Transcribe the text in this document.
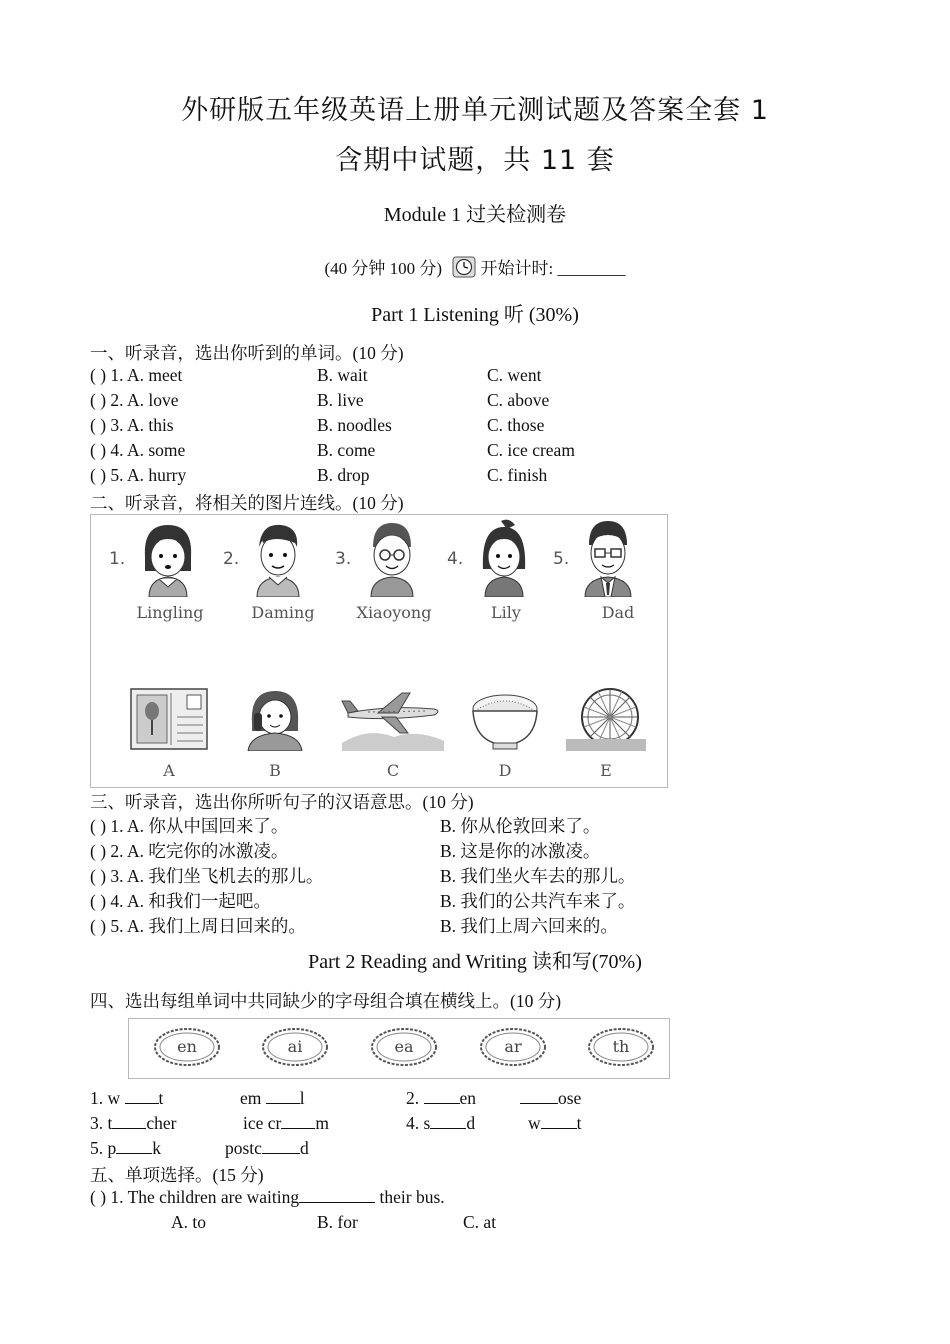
外研版五年级英语上册单元测试题及答案全套 1
含期中试题，共 11 套
Module 1 过关检测卷
(40 分钟 100 分) 开始计时: ________
Part 1 Listening 听 (30%)
一、听录音，选出你听到的单词。(10 分)
( ) 1. A. meet	B. wait	C. went
( ) 2. A. love	B. live	C. above
( ) 3. A. this	B. noodles	C. those
( ) 4. A. some	B. come	C. ice cream
( ) 5. A. hurry	B. drop	C. finish
二、听录音，将相关的图片连线。(10 分)
1.
Lingling
2.
Daming
3.
Xiaoyong
4.
Lily
5.
Dad
A	B	C	D	E
三、听录音，选出你所听句子的汉语意思。(10 分)
( ) 1. A. 你从中国回来了。	B. 你从伦敦回来了。
( ) 2. A. 吃完你的冰激凌。	B. 这是你的冰激凌。
( ) 3. A. 我们坐飞机去的那儿。	B. 我们坐火车去的那儿。
( ) 4. A. 和我们一起吧。	B. 我们的公共汽车来了。
( ) 5. A. 我们上周日回来的。	B. 我们上周六回来的。
Part 2 Reading and Writing 读和写(70%)
四、选出每组单词中共同缺少的字母组合填在横线上。(10 分)
en	ai	ea	ar	th
1. w t	em l	2. en	ose
3. t cher	ice cr m	4. s d	w t
5. p k	postc d
五、单项选择。(15 分)
( ) 1. The children are waiting	their bus.
A. to	B. for	C. at
